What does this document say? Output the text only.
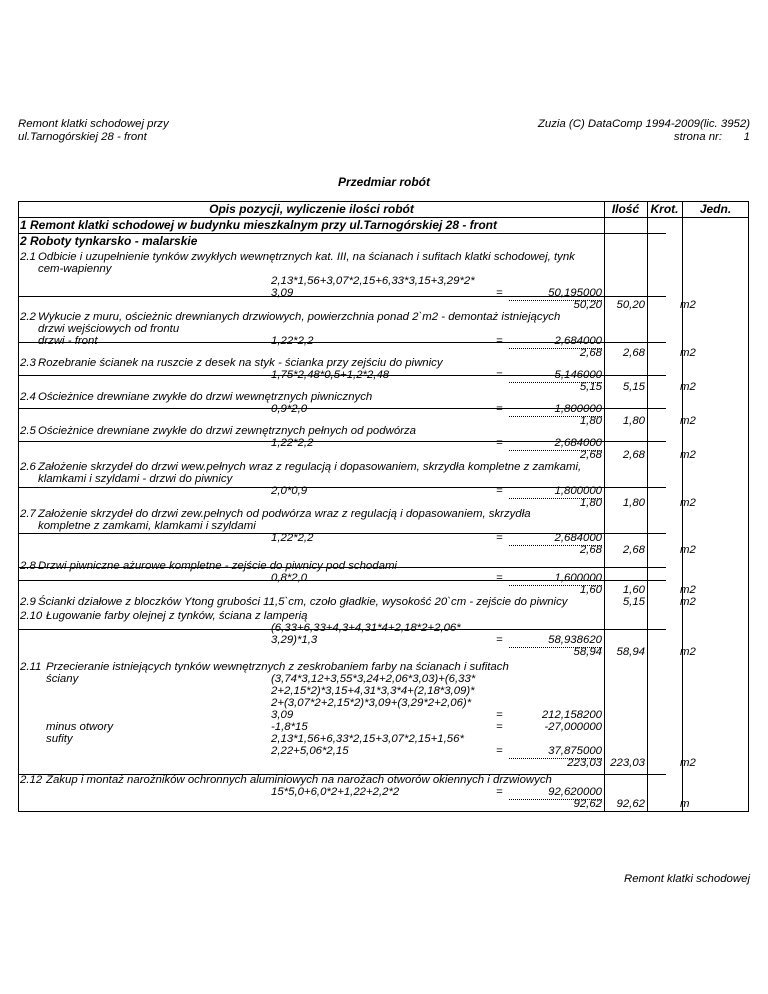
Remont klatki schodowej przy
ul.Tarnogórskiej 28 - front
Zuzia (C) DataComp 1994-2009(lic. 3952)
strona nr: 1
Przedmiar robót
Opis pozycji, wyliczenie ilości robót	Ilość Krot.	Jedn.
1 Remont klatki schodowej w budynku mieszkalnym przy ul.Tarnogórskiej 28 - front
2 Roboty tynkarsko - malarskie
2.1 Odbicie i uzupełnienie tynków zwykłych wewnętrznych kat. III, na ścianach i sufitach klatki schodowej, tynk
cem-wapienny
2,13*1,56+3,07*2,15+6,33*3,15+3,29*2*
3,09	=	50,195000
50,20	50,20	m2
2.2 Wykucie z muru, ościeżnic drewnianych drzwiowych, powierzchnia ponad 2`m2 - demontaż istniejących
drzwi wejściowych od frontu
drzwi - front	1,22*2,2	=	2,684000
2,68	2,68	m2
2.3 Rozebranie ścianek na ruszcie z desek na styk - ścianka przy zejściu do piwnicy
1,75*2,48*0,5+1,2*2,48	=	5,146000
5,15	5,15	m2
2.4 Ościeżnice drewniane zwykłe do drzwi wewnętrznych piwnicznych
0,9*2,0	=	1,800000
1,80	1,80	m2
2.5 Ościeżnice drewniane zwykłe do drzwi zewnętrznych pełnych od podwórza
1,22*2,2	=	2,684000
2,68	2,68	m2
2.6 Założenie skrzydeł do drzwi wew.pełnych wraz z regulacją i dopasowaniem, skrzydła kompletne z zamkami,
klamkami i szyldami - drzwi do piwnicy
2,0*0,9	=	1,800000
1,80	1,80	m2
2.7 Założenie skrzydeł do drzwi zew.pełnych od podwórza wraz z regulacją i dopasowaniem, skrzydła
kompletne z zamkami, klamkami i szyldami
1,22*2,2	=	2,684000
2,68	2,68	m2
2.8 Drzwi piwniczne ażurowe kompletne - zejście do piwnicy pod schodami
0,8*2,0	=	1,600000
1,60	1,60	m2
2.9 Ścianki działowe z bloczków Ytong grubości 11,5`cm, czoło gładkie, wysokość 20`cm - zejście do piwnicy	5,15	m2
2.10 Ługowanie farby olejnej z tynków, ściana z lamperią
(6,33+6,33+4,3+4,31*4+2,18*2+2,06*
3,29)*1,3	=	58,938620
58,94	58,94	m2
2.11 Przecieranie istniejących tynków wewnętrznych z zeskrobaniem farby na ścianach i sufitach
ściany	(3,74*3,12+3,55*3,24+2,06*3,03)+(6,33*
2+2,15*2)*3,15+4,31*3,3*4+(2,18*3,09)*
2+(3,07*2+2,15*2)*3,09+(3,29*2+2,06)*
3,09	=	212,158200
minus otwory	-1,8*15	=	-27,000000
sufity	2,13*1,56+6,33*2,15+3,07*2,15+1,56*
2,22+5,06*2,15	=	37,875000
223,03 223,03	m2
2.12 Zakup i montaż narożników ochronnych aluminiowych na narożach otworów okiennych i drzwiowych
15*5,0+6,0*2+1,22+2,2*2	=	92,620000
92,62	92,62	m
Remont klatki schodowej
